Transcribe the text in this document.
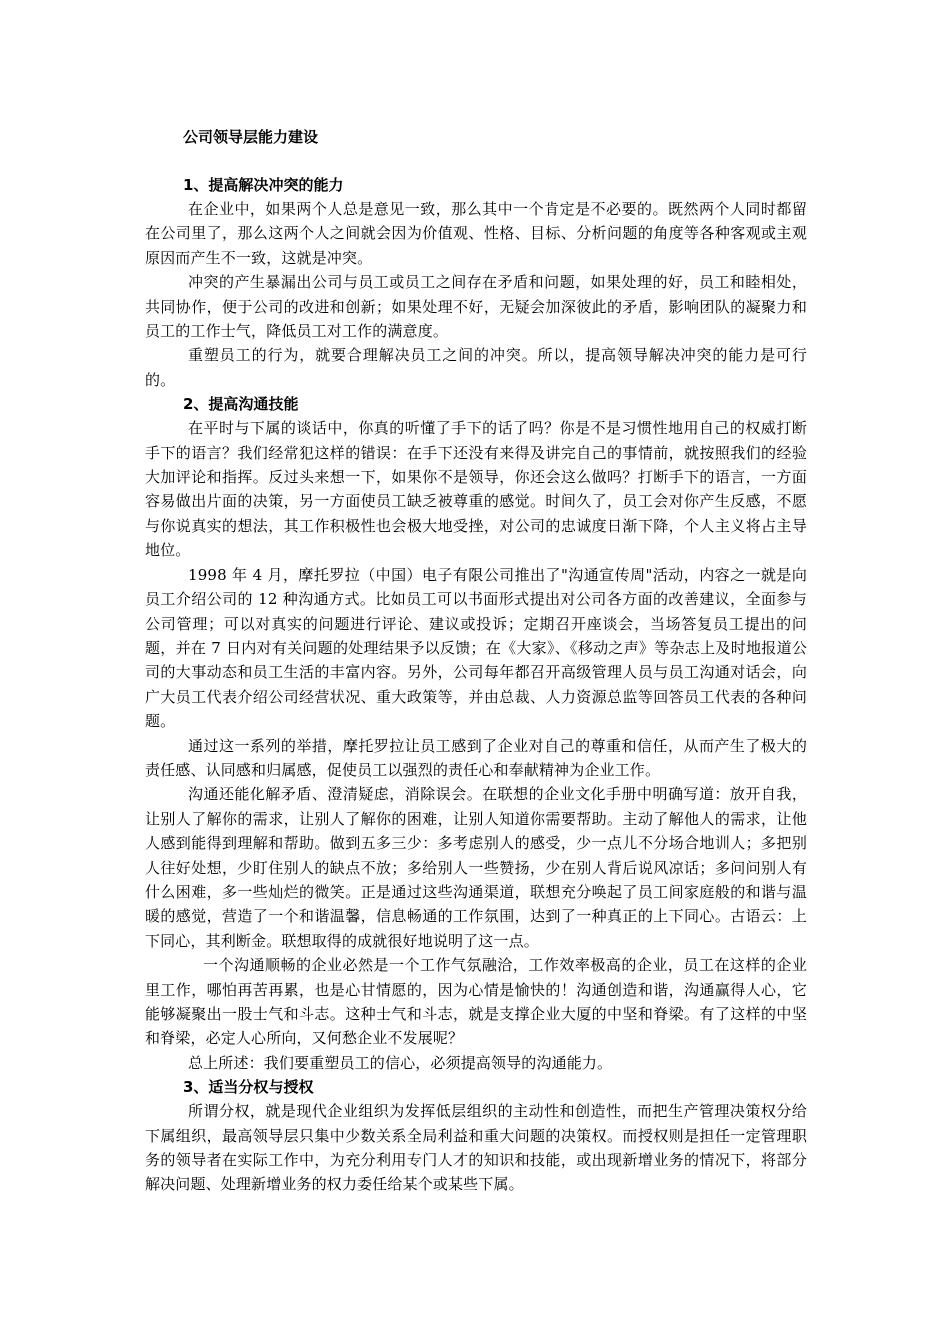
公司领导层能力建设
1、提高解决冲突的能力

在企业中，如果两个人总是意见一致，那么其中一个肯定是不必要的。既然两个人同时都留在公司里了，那么这两个人之间就会因为价值观、性格、目标、分析问题的角度等各种客观或主观原因而产生不一致，这就是冲突。

冲突的产生暴漏出公司与员工或员工之间存在矛盾和问题，如果处理的好，员工和睦相处，共同协作，便于公司的改进和创新；如果处理不好，无疑会加深彼此的矛盾，影响团队的凝聚力和员工的工作士气，降低员工对工作的满意度。

重塑员工的行为，就要合理解决员工之间的冲突。所以，提高领导解决冲突的能力是可行的。

2、提高沟通技能

在平时与下属的谈话中，你真的听懂了手下的话了吗？你是不是习惯性地用自己的权威打断手下的语言？我们经常犯这样的错误：在手下还没有来得及讲完自己的事情前，就按照我们的经验大加评论和指挥。反过头来想一下，如果你不是领导，你还会这么做吗？打断手下的语言，一方面容易做出片面的决策，另一方面使员工缺乏被尊重的感觉。时间久了，员工会对你产生反感，不愿与你说真实的想法，其工作积极性也会极大地受挫，对公司的忠诚度日渐下降，个人主义将占主导地位。

1998 年 4 月，摩托罗拉（中国）电子有限公司推出了"沟通宣传周"活动，内容之一就是向员工介绍公司的 12 种沟通方式。比如员工可以书面形式提出对公司各方面的改善建议，全面参与公司管理；可以对真实的问题进行评论、建议或投诉；定期召开座谈会，当场答复员工提出的问题，并在 7 日内对有关问题的处理结果予以反馈；在《大家》、《移动之声》等杂志上及时地报道公司的大事动态和员工生活的丰富内容。另外，公司每年都召开高级管理人员与员工沟通对话会，向广大员工代表介绍公司经营状况、重大政策等，并由总裁、人力资源总监等回答员工代表的各种问题。

通过这一系列的举措，摩托罗拉让员工感到了企业对自己的尊重和信任，从而产生了极大的责任感、认同感和归属感，促使员工以强烈的责任心和奉献精神为企业工作。

沟通还能化解矛盾、澄清疑虑，消除误会。在联想的企业文化手册中明确写道：放开自我，让别人了解你的需求，让别人了解你的困难，让别人知道你需要帮助。主动了解他人的需求，让他人感到能得到理解和帮助。做到五多三少：多考虑别人的感受，少一点儿不分场合地训人；多把别人往好处想，少盯住别人的缺点不放；多给别人一些赞扬，少在别人背后说风凉话；多问问别人有什么困难，多一些灿烂的微笑。正是通过这些沟通渠道，联想充分唤起了员工间家庭般的和谐与温暖的感觉，营造了一个和谐温馨，信息畅通的工作氛围，达到了一种真正的上下同心。古语云：上下同心，其利断金。联想取得的成就很好地说明了这一点。

一个沟通顺畅的企业必然是一个工作气氛融洽，工作效率极高的企业，员工在这样的企业里工作，哪怕再苦再累，也是心甘情愿的，因为心情是愉快的！沟通创造和谐，沟通赢得人心，它能够凝聚出一股士气和斗志。这种士气和斗志，就是支撑企业大厦的中坚和脊梁。有了这样的中坚和脊梁，必定人心所向，又何愁企业不发展呢？

总上所述：我们要重塑员工的信心，必须提高领导的沟通能力。

3、适当分权与授权

所谓分权，就是现代企业组织为发挥低层组织的主动性和创造性，而把生产管理决策权分给下属组织，最高领导层只集中少数关系全局利益和重大问题的决策权。而授权则是担任一定管理职务的领导者在实际工作中，为充分利用专门人才的知识和技能，或出现新增业务的情况下，将部分解决问题、处理新增业务的权力委任给某个或某些下属。
